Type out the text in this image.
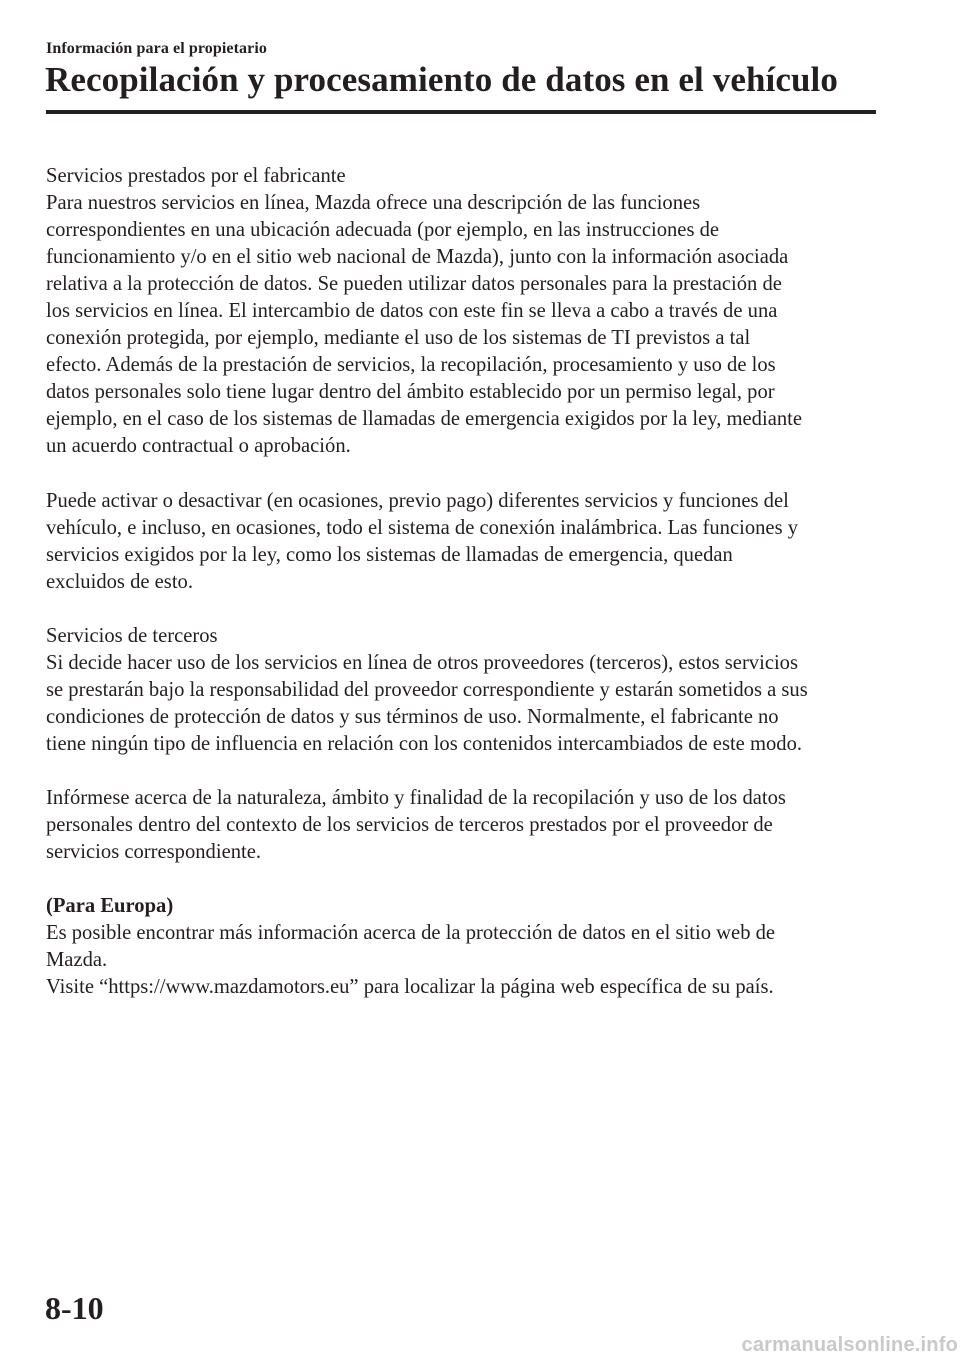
Información para el propietario
Recopilación y procesamiento de datos en el vehículo
Servicios prestados por el fabricante
Para nuestros servicios en línea, Mazda ofrece una descripción de las funciones
correspondientes en una ubicación adecuada (por ejemplo, en las instrucciones de
funcionamiento y/o en el sitio web nacional de Mazda), junto con la información asociada
relativa a la protección de datos. Se pueden utilizar datos personales para la prestación de
los servicios en línea. El intercambio de datos con este fin se lleva a cabo a través de una
conexión protegida, por ejemplo, mediante el uso de los sistemas de TI previstos a tal
efecto. Además de la prestación de servicios, la recopilación, procesamiento y uso de los
datos personales solo tiene lugar dentro del ámbito establecido por un permiso legal, por
ejemplo, en el caso de los sistemas de llamadas de emergencia exigidos por la ley, mediante
un acuerdo contractual o aprobación.
Puede activar o desactivar (en ocasiones, previo pago) diferentes servicios y funciones del
vehículo, e incluso, en ocasiones, todo el sistema de conexión inalámbrica. Las funciones y
servicios exigidos por la ley, como los sistemas de llamadas de emergencia, quedan
excluidos de esto.
Servicios de terceros
Si decide hacer uso de los servicios en línea de otros proveedores (terceros), estos servicios
se prestarán bajo la responsabilidad del proveedor correspondiente y estarán sometidos a sus
condiciones de protección de datos y sus términos de uso. Normalmente, el fabricante no
tiene ningún tipo de influencia en relación con los contenidos intercambiados de este modo.
Infórmese acerca de la naturaleza, ámbito y finalidad de la recopilación y uso de los datos
personales dentro del contexto de los servicios de terceros prestados por el proveedor de
servicios correspondiente.
(Para Europa)
Es posible encontrar más información acerca de la protección de datos en el sitio web de
Mazda.
Visite “https://www.mazdamotors.eu” para localizar la página web específica de su país.
8-10
carmanualsonline.info
